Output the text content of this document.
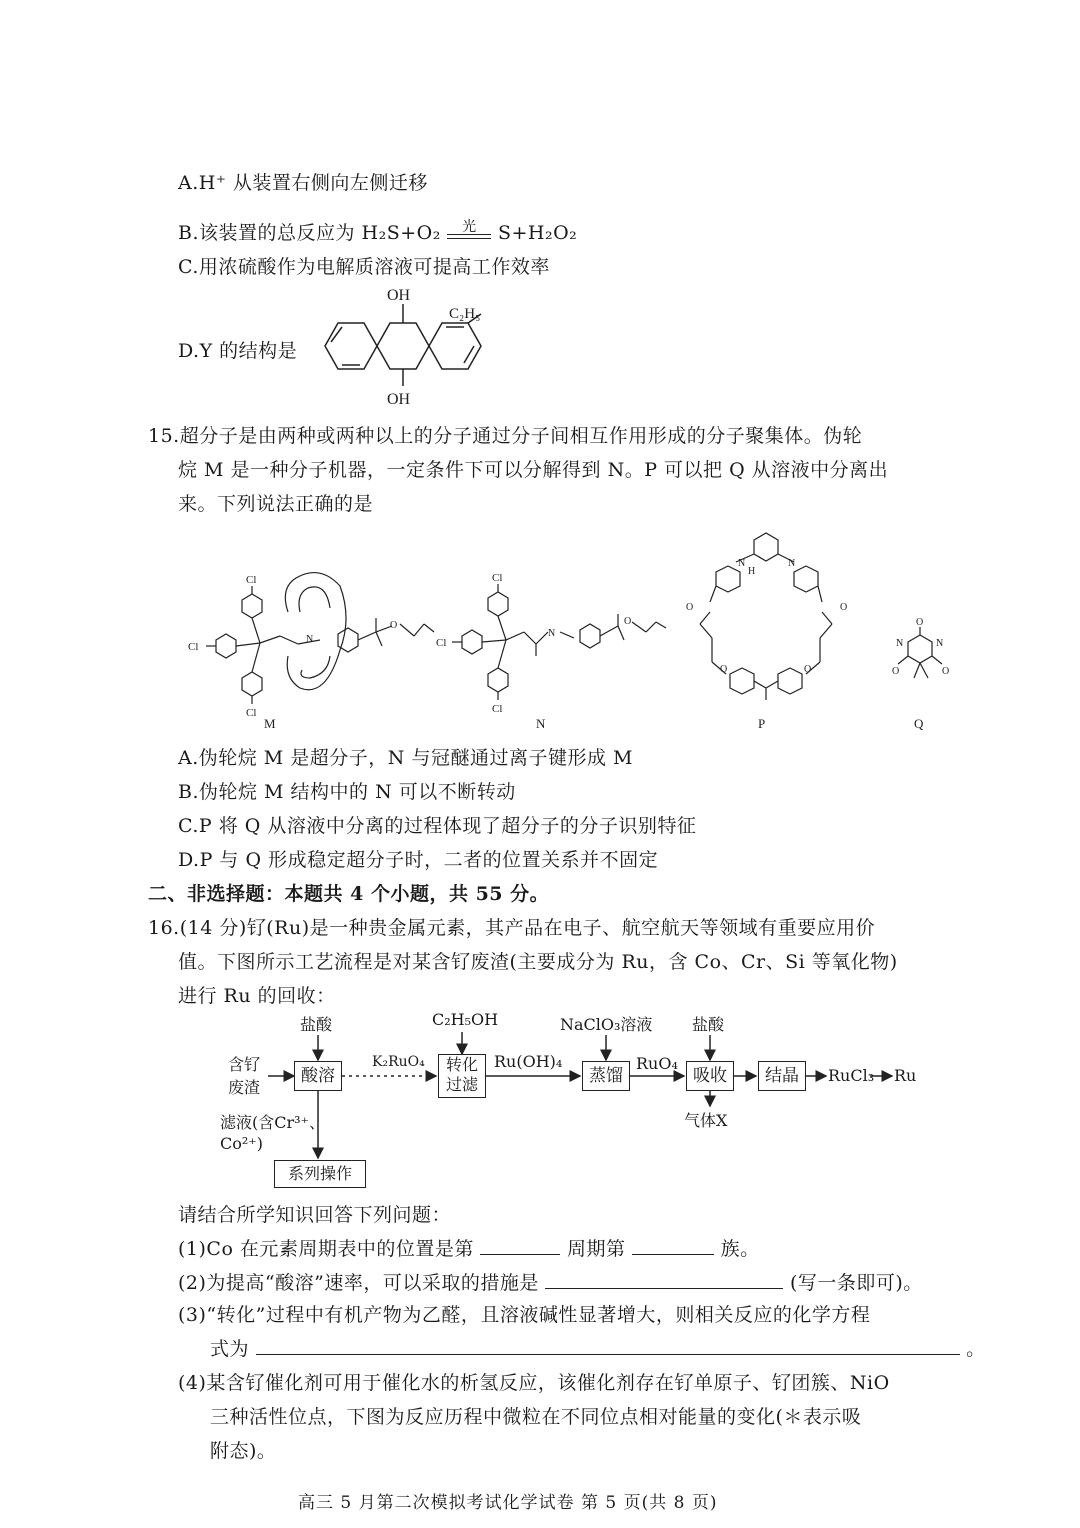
A.H⁺ 从装置右侧向左侧迁移
B.该装置的总反应为 H₂S+O₂	光	S+H₂O₂
C.用浓硫酸作为电解质溶液可提高工作效率
D.Y 的结构是
OH
OH
C₂H₅
15.超分子是由两种或两种以上的分子通过分子间相互作用形成的分子聚集体。伪轮
烷 M 是一种分子机器，一定条件下可以分解得到 N。P 可以把 Q 从溶液中分离出
来。下列说法正确的是
M
Cl
Cl
Cl
N
O
N
Cl
Cl
Cl
N
O
P
N
H
N
O	O
O	O
Q
O
N	N
O	O
A.伪轮烷 M 是超分子，N 与冠醚通过离子键形成 M
B.伪轮烷 M 结构中的 N 可以不断转动
C.P 将 Q 从溶液中分离的过程体现了超分子的分子识别特征
D.P 与 Q 形成稳定超分子时，二者的位置关系并不固定
二、非选择题：本题共 4 个小题，共 55 分。
16.(14 分)钌(Ru)是一种贵金属元素，其产品在电子、航空航天等领域有重要应用价
值。下图所示工艺流程是对某含钌废渣(主要成分为 Ru，含 Co、Cr、Si 等氧化物)
进行 Ru 的回收：
盐酸	C₂H₅OH	NaClO₃溶液 盐酸
含钌
废渣
酸溶
K₂RuO₄	转化
过滤
Ru(OH)₄
蒸馏
RuO₄
吸收	结晶	RuCl₃ Ru
气体X
滤液(含Cr³⁺、
Co²⁺)
系列操作
请结合所学知识回答下列问题：
(1)Co 在元素周期表中的位置是第	周期第	族。
(2)为提高“酸溶”速率，可以采取的措施是	(写一条即可)。
(3)“转化”过程中有机产物为乙醛，且溶液碱性显著增大，则相关反应的化学方程
式为	。
(4)某含钌催化剂可用于催化水的析氢反应，该催化剂存在钌单原子、钌团簇、NiO
三种活性位点，下图为反应历程中微粒在不同位点相对能量的变化(＊表示吸
附态)。
高三 5 月第二次模拟考试化学试卷 第 5 页(共 8 页)
